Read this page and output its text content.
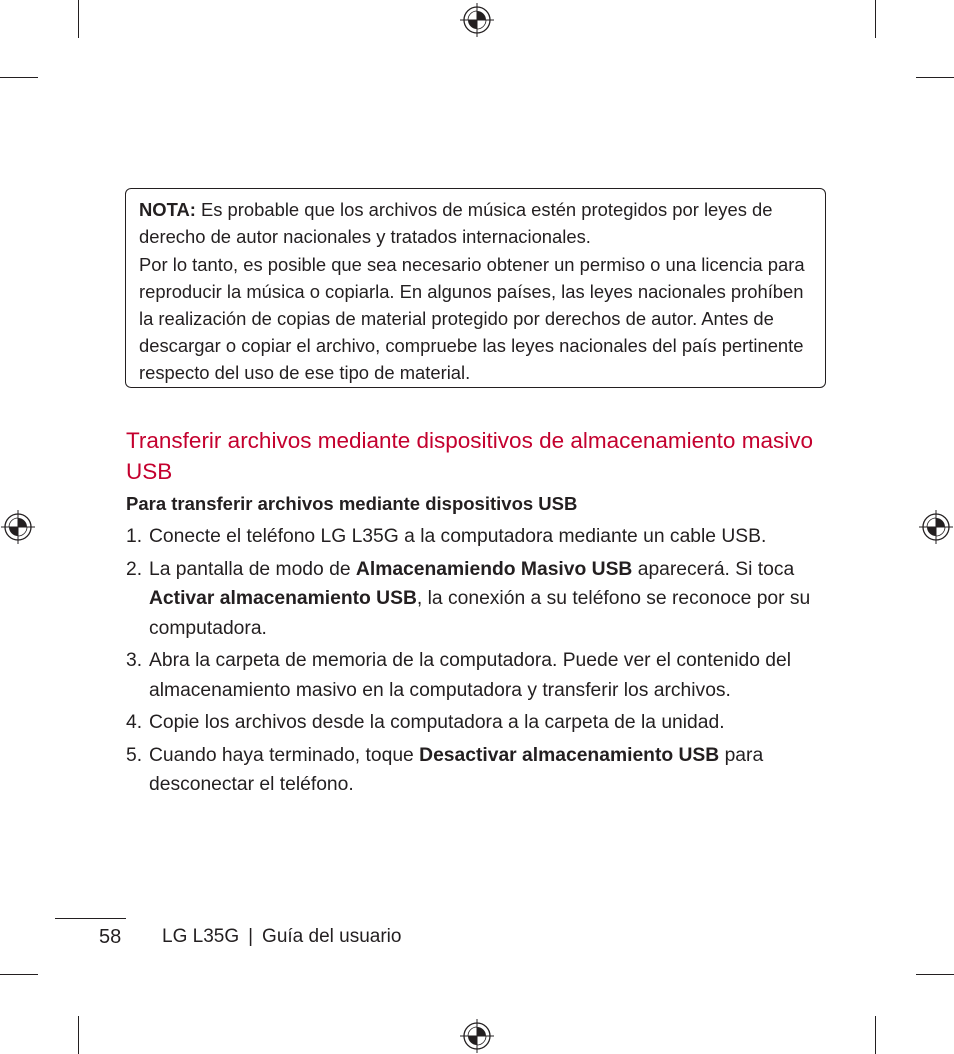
NOTA: Es probable que los archivos de música estén protegidos por leyes de derecho de autor nacionales y tratados internacionales.

Por lo tanto, es posible que sea necesario obtener un permiso o una licencia para reproducir la música o copiarla. En algunos países, las leyes nacionales prohíben la realización de copias de material protegido por derechos de autor. Antes de descargar o copiar el archivo, compruebe las leyes nacionales del país pertinente respecto del uso de ese tipo de material.

Transferir archivos mediante dispositivos de almacenamiento masivo USB
Para transferir archivos mediante dispositivos USB
1. Conecte el teléfono LG L35G a la computadora mediante un cable USB.
2. La pantalla de modo de Almacenamiendo Masivo USB aparecerá. Si toca Activar almacenamiento USB, la conexión a su teléfono se reconoce por su computadora.
3. Abra la carpeta de memoria de la computadora. Puede ver el contenido del almacenamiento masivo en la computadora y transferir los archivos.
4. Copie los archivos desde la computadora a la carpeta de la unidad.
5. Cuando haya terminado, toque Desactivar almacenamiento USB para desconectar el teléfono.
58 LG L35G | Guía del usuario
